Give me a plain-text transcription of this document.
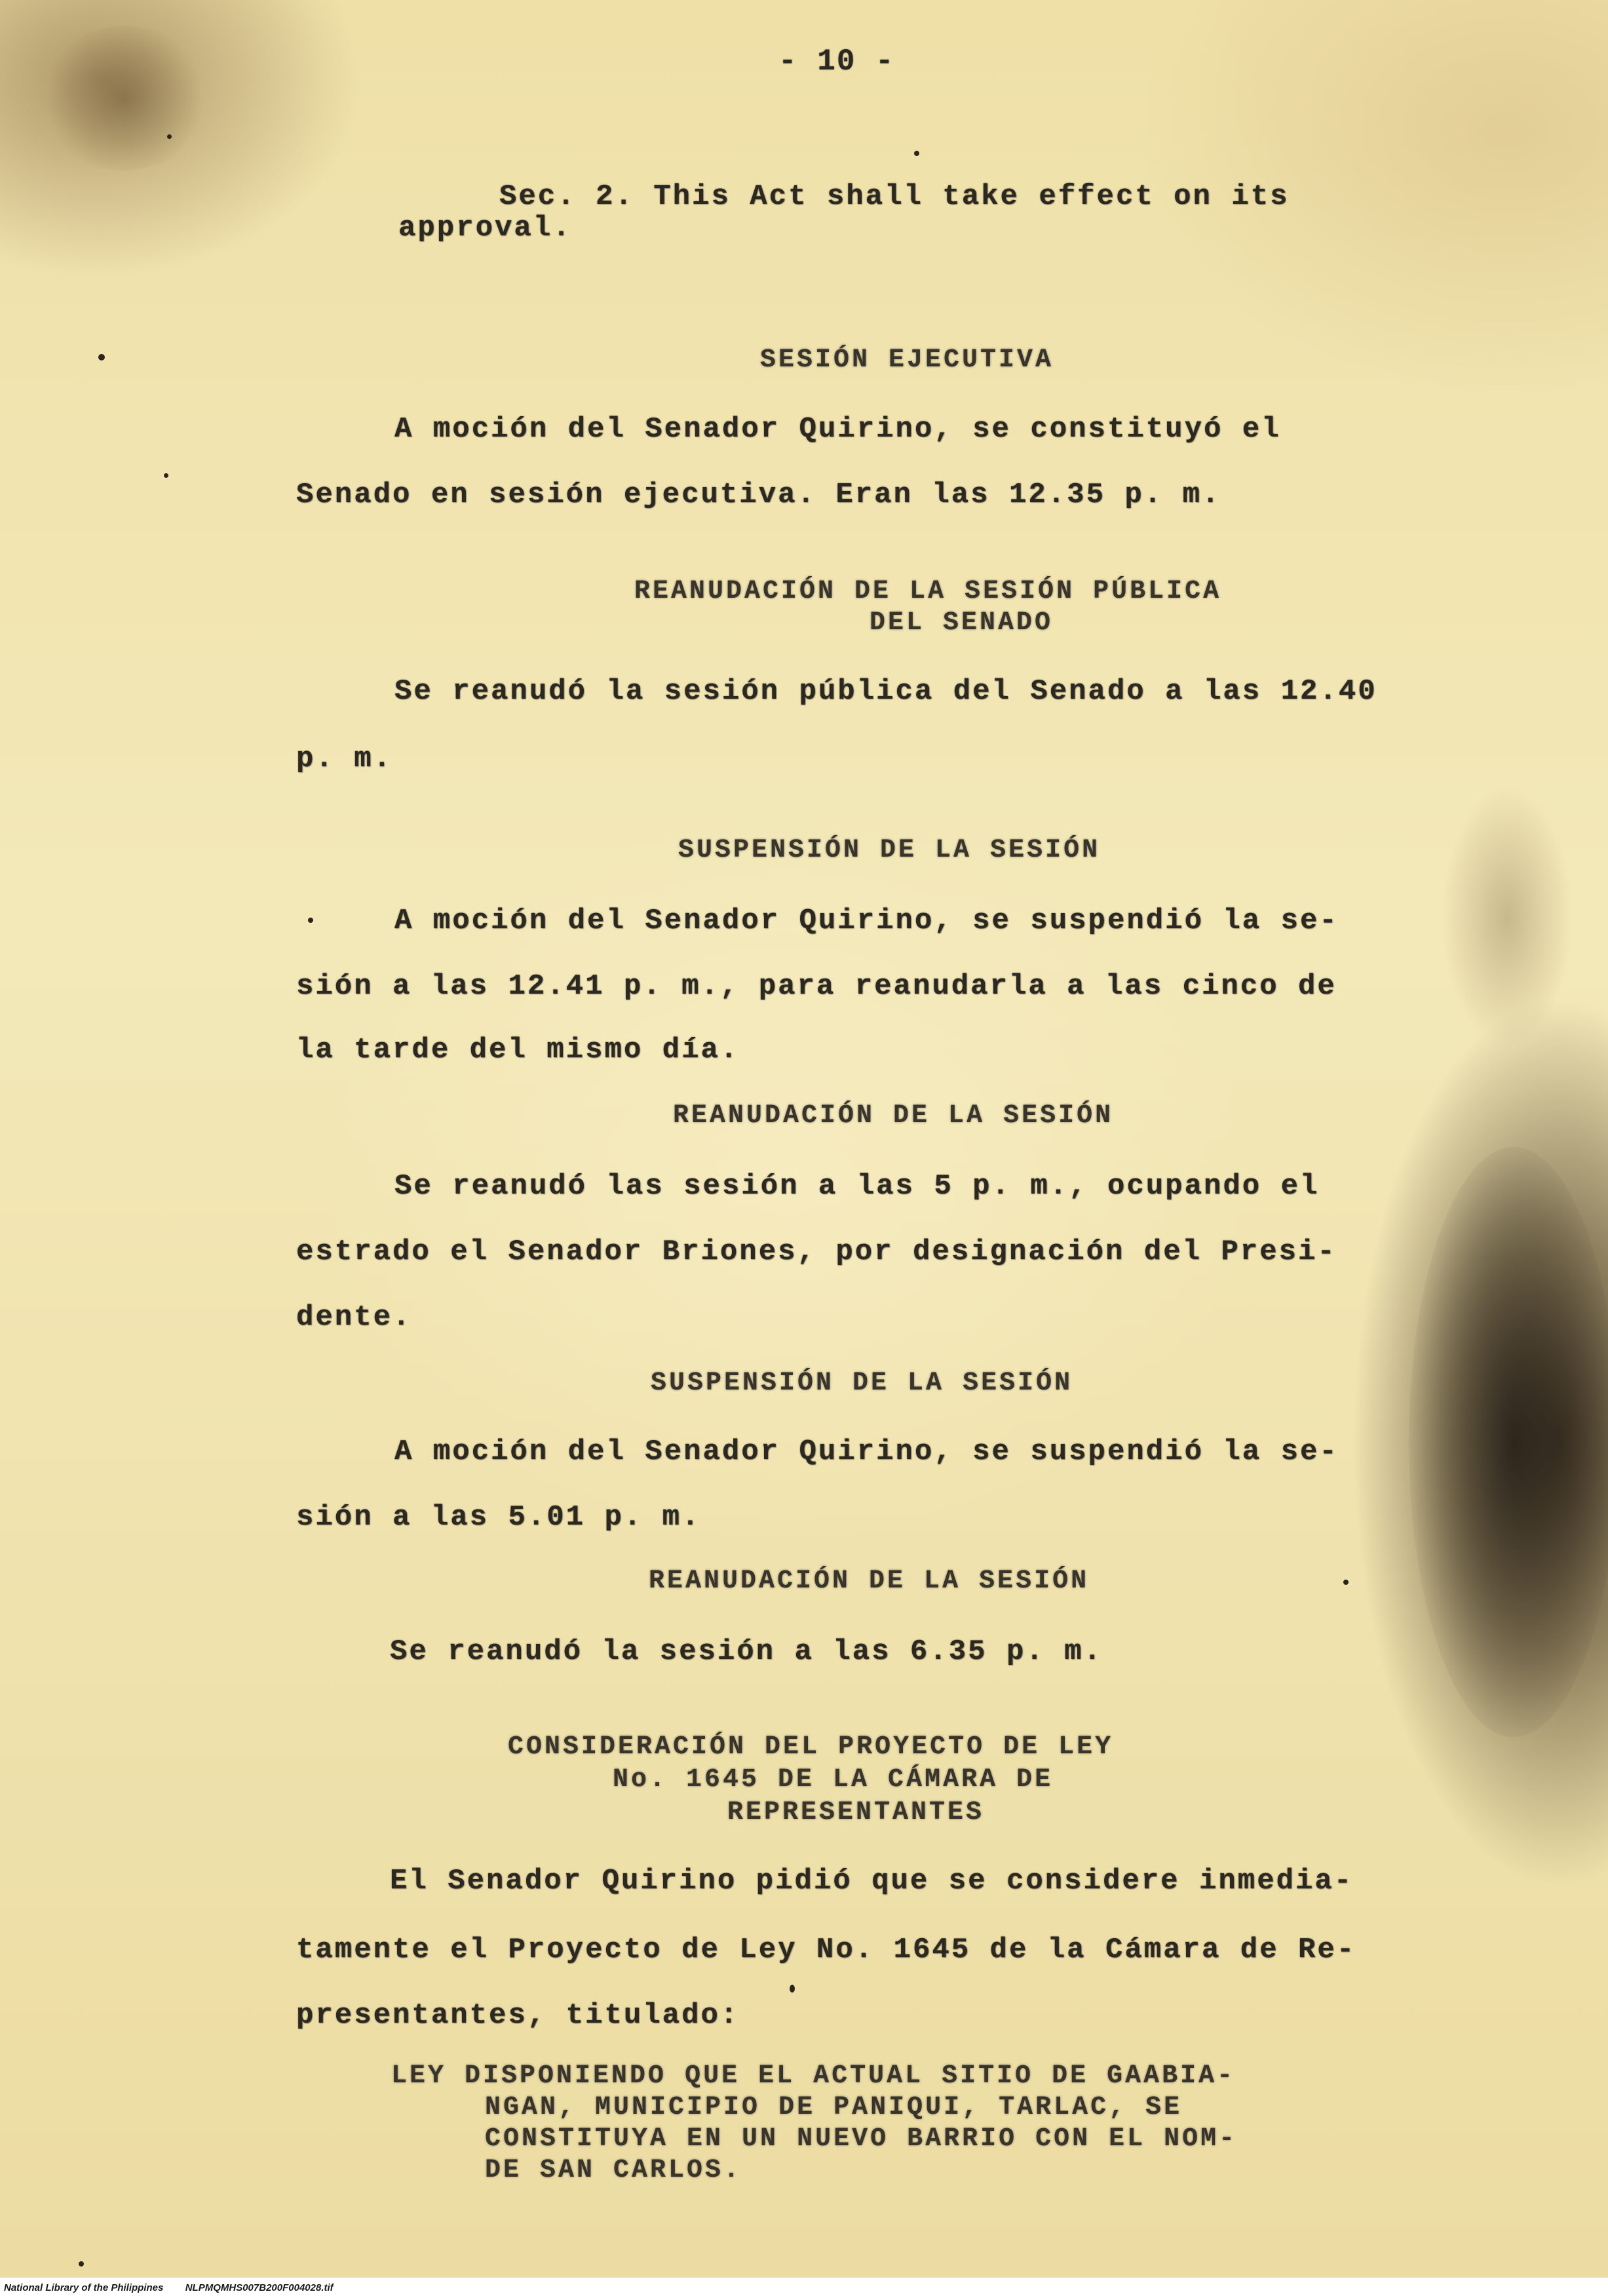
- 10 -
Sec. 2. This Act shall take effect on its
approval.
SESIÓN EJECUTIVA
A moción del Senador Quirino, se constituyó el
Senado en sesión ejecutiva. Eran las 12.35 p. m.
REANUDACIÓN DE LA SESIÓN PÚBLICA
DEL SENADO
Se reanudó la sesión pública del Senado a las 12.40
p. m.
SUSPENSIÓN DE LA SESIÓN
A moción del Senador Quirino, se suspendió la se-
sión a las 12.41 p. m., para reanudarla a las cinco de
la tarde del mismo día.
REANUDACIÓN DE LA SESIÓN
Se reanudó las sesión a las 5 p. m., ocupando el
estrado el Senador Briones, por designación del Presi-
dente.
SUSPENSIÓN DE LA SESIÓN
A moción del Senador Quirino, se suspendió la se-
sión a las 5.01 p. m.
REANUDACIÓN DE LA SESIÓN
Se reanudó la sesión a las 6.35 p. m.
CONSIDERACIÓN DEL PROYECTO DE LEY
No. 1645 DE LA CÁMARA DE
REPRESENTANTES
El Senador Quirino pidió que se considere inmedia-
tamente el Proyecto de Ley No. 1645 de la Cámara de Re-
presentantes, titulado:
LEY DISPONIENDO QUE EL ACTUAL SITIO DE GAABIA-
NGAN, MUNICIPIO DE PANIQUI, TARLAC, SE
CONSTITUYA EN UN NUEVO BARRIO CON EL NOM-
DE SAN CARLOS.
National Library of the Philippines NLPMQMHS007B200F004028.tif
